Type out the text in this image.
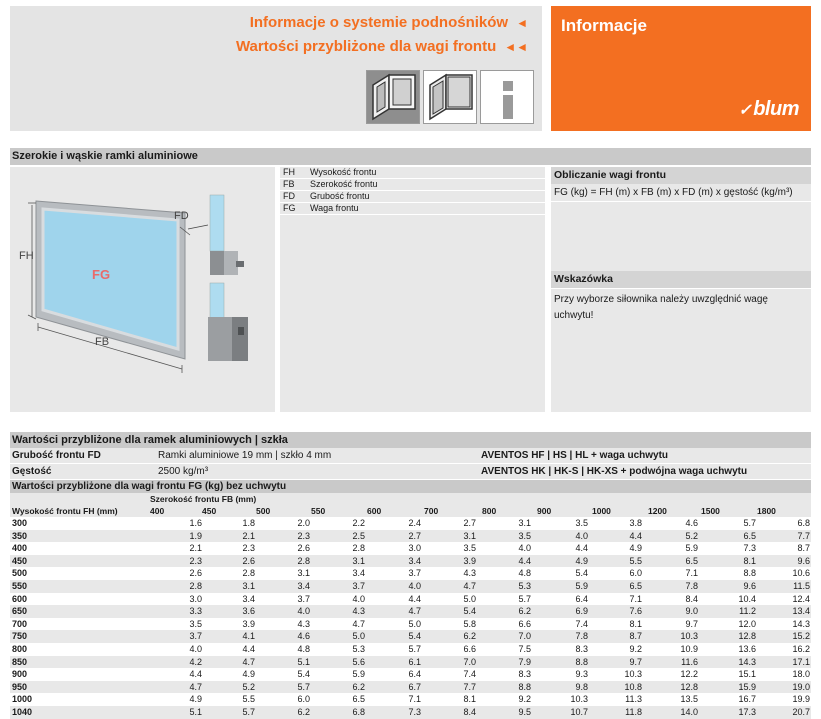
Informacje o systemie podnośników ◄
Wartości przybliżone dla wagi frontu ◄◄
Informacje
✓ blum
Szerokie i wąskie ramki aluminiowe
FG
FH
FB
FD
FH	Wysokość frontu
FB	Szerokość frontu
FD	Grubość frontu
FG	Waga frontu
Obliczanie wagi frontu
FG (kg) = FH (m) x FB (m) x FD (m) x gęstość (kg/m³)
Wskazówka
Przy wyborze siłownika należy uwzględnić wagę uchwytu!
Wartości przybliżone dla ramek aluminiowych | szkła
Grubość frontu FD	Ramki aluminiowe 19 mm | szkło 4 mm	AVENTOS HF | HS | HL + waga uchwytu
Gęstość	2500 kg/m³	AVENTOS HK | HK-S | HK-XS + podwójna waga uchwytu
Wartości przybliżone dla wagi frontu FG (kg) bez uchwytu
Szerokość frontu FB (mm)
Wysokość frontu FH (mm)	400	450	500	550	600	700	800	900	1000	1200	1500	1800
300	1.6	1.8	2.0	2.2	2.4	2.7	3.1	3.5	3.8	4.6	5.7	6.8
350	1.9	2.1	2.3	2.5	2.7	3.1	3.5	4.0	4.4	5.2	6.5	7.7
400	2.1	2.3	2.6	2.8	3.0	3.5	4.0	4.4	4.9	5.9	7.3	8.7
450	2.3	2.6	2.8	3.1	3.4	3.9	4.4	4.9	5.5	6.5	8.1	9.6
500	2.6	2.8	3.1	3.4	3.7	4.3	4.8	5.4	6.0	7.1	8.8	10.6
550	2.8	3.1	3.4	3.7	4.0	4.7	5.3	5.9	6.5	7.8	9.6	11.5
600	3.0	3.4	3.7	4.0	4.4	5.0	5.7	6.4	7.1	8.4	10.4	12.4
650	3.3	3.6	4.0	4.3	4.7	5.4	6.2	6.9	7.6	9.0	11.2	13.4
700	3.5	3.9	4.3	4.7	5.0	5.8	6.6	7.4	8.1	9.7	12.0	14.3
750	3.7	4.1	4.6	5.0	5.4	6.2	7.0	7.8	8.7	10.3	12.8	15.2
800	4.0	4.4	4.8	5.3	5.7	6.6	7.5	8.3	9.2	10.9	13.6	16.2
850	4.2	4.7	5.1	5.6	6.1	7.0	7.9	8.8	9.7	11.6	14.3	17.1
900	4.4	4.9	5.4	5.9	6.4	7.4	8.3	9.3	10.3	12.2	15.1	18.0
950	4.7	5.2	5.7	6.2	6.7	7.7	8.8	9.8	10.8	12.8	15.9	19.0
1000	4.9	5.5	6.0	6.5	7.1	8.1	9.2	10.3	11.3	13.5	16.7	19.9
1040	5.1	5.7	6.2	6.8	7.3	8.4	9.5	10.7	11.8	14.0	17.3	20.7
